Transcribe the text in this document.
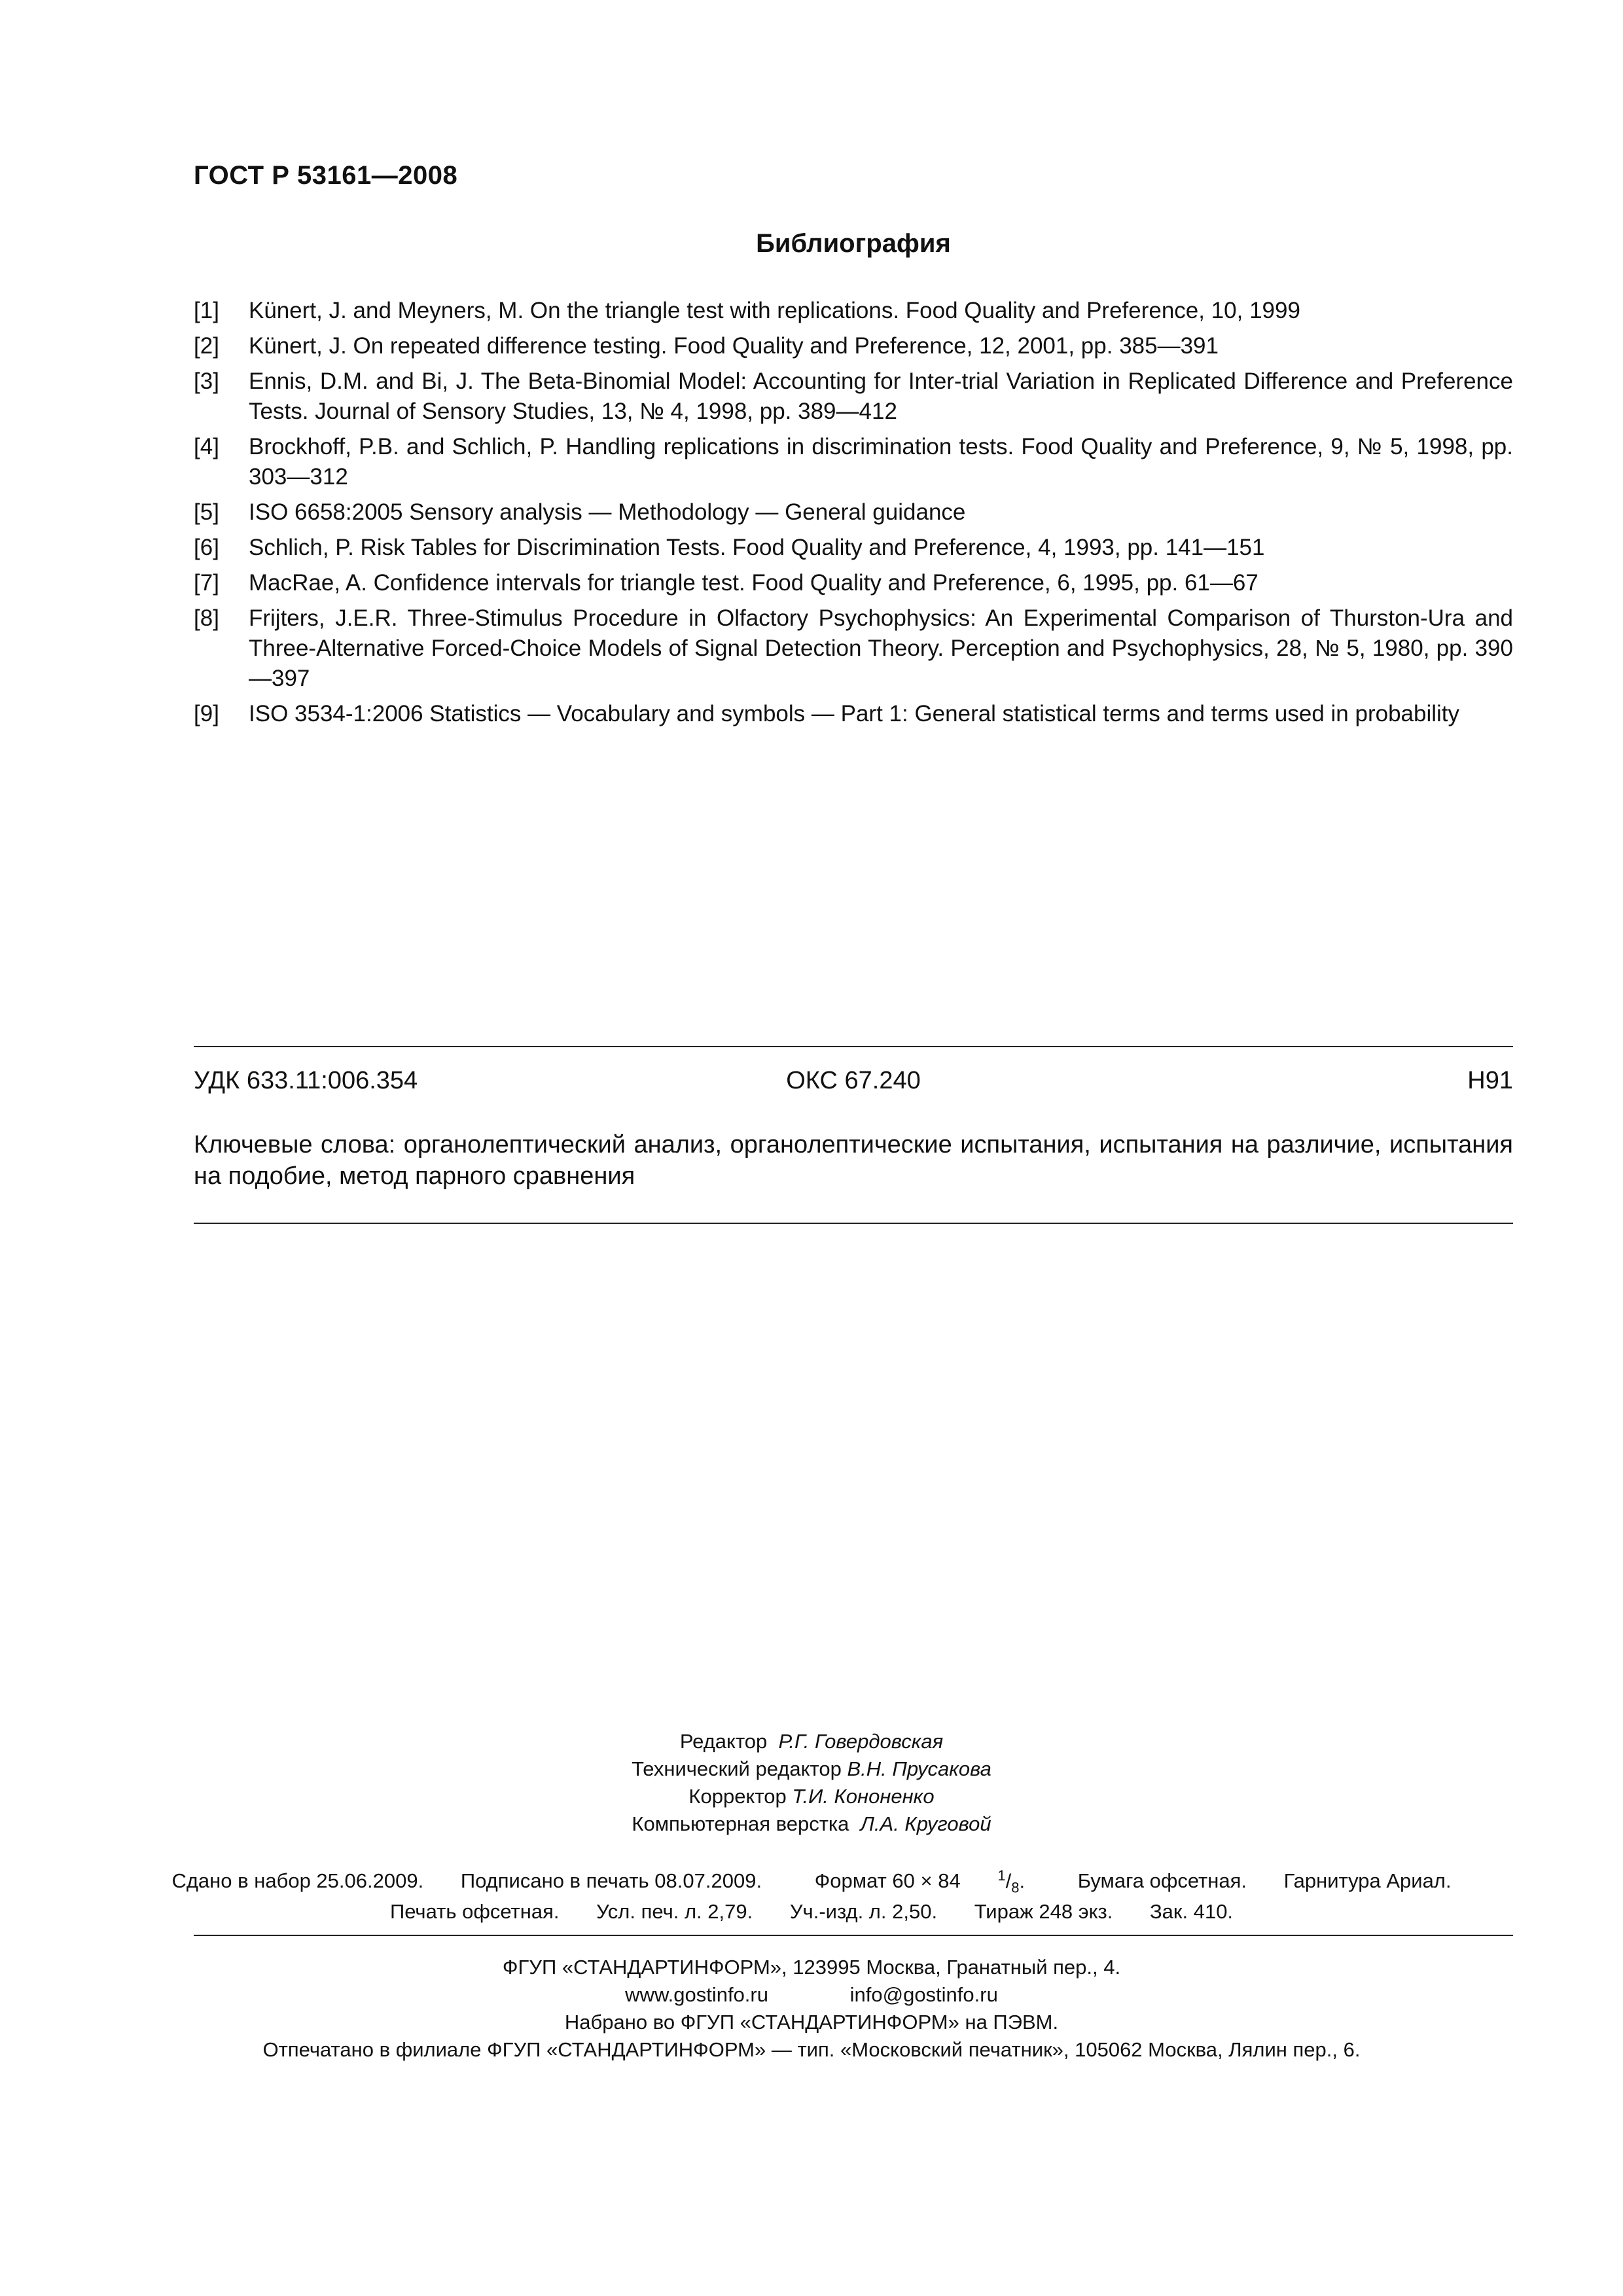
ГОСТ Р 53161—2008
Библиография
[1]	Künert, J. and Meyners, M. On the triangle test with replications. Food Quality and Preference, 10, 1999
[2]	Künert, J. On repeated difference testing. Food Quality and Preference, 12, 2001, pp. 385—391
[3]	Ennis, D.M. and Bi, J. The Beta-Binomial Model: Accounting for Inter-trial Variation in Replicated Difference and Preference Tests. Journal of Sensory Studies, 13, № 4, 1998, pp. 389—412
[4]	Brockhoff, P.B. and Schlich, P. Handling replications in discrimination tests. Food Quality and Preference, 9, № 5, 1998, pp. 303—312
[5]	ISO 6658:2005 Sensory analysis — Methodology — General guidance
[6]	Schlich, P. Risk Tables for Discrimination Tests. Food Quality and Preference, 4, 1993, pp. 141—151
[7]	MacRae, A. Confidence intervals for triangle test. Food Quality and Preference, 6, 1995, pp. 61—67
[8]	Frijters, J.E.R. Three-Stimulus Procedure in Olfactory Psychophysics: An Experimental Comparison of Thurston-Ura and Three-Alternative Forced-Choice Models of Signal Detection Theory. Perception and Psychophysics, 28, № 5, 1980, pp. 390—397
[9]	ISO 3534-1:2006 Statistics — Vocabulary and symbols — Part 1: General statistical terms and terms used in probability
УДК 633.11:006.354	ОКС 67.240	Н91
Ключевые слова: органолептический анализ, органолептические испытания, испытания на различие, испытания на подобие, метод парного сравнения
Редактор Р.Г. Говердовская
Технический редактор В.Н. Прусакова
Корректор Т.И. Кононенко
Компьютерная верстка Л.А. Круговой
Сдано в набор 25.06.2009. Подписано в печать 08.07.2009.	Формат 60 × 84	$^1/_8$.	Бумага офсетная. Гарнитура Ариал.
Печать офсетная. Усл. печ. л. 2,79. Уч.-изд. л. 2,50. Тираж 248 экз. Зак. 410.
ФГУП «СТАНДАРТИНФОРМ», 123995 Москва, Гранатный пер., 4.
www.gostinfo.ru	info@gostinfo.ru
Набрано во ФГУП «СТАНДАРТИНФОРМ» на ПЭВМ.
Отпечатано в филиале ФГУП «СТАНДАРТИНФОРМ» — тип. «Московский печатник», 105062 Москва, Лялин пер., 6.
